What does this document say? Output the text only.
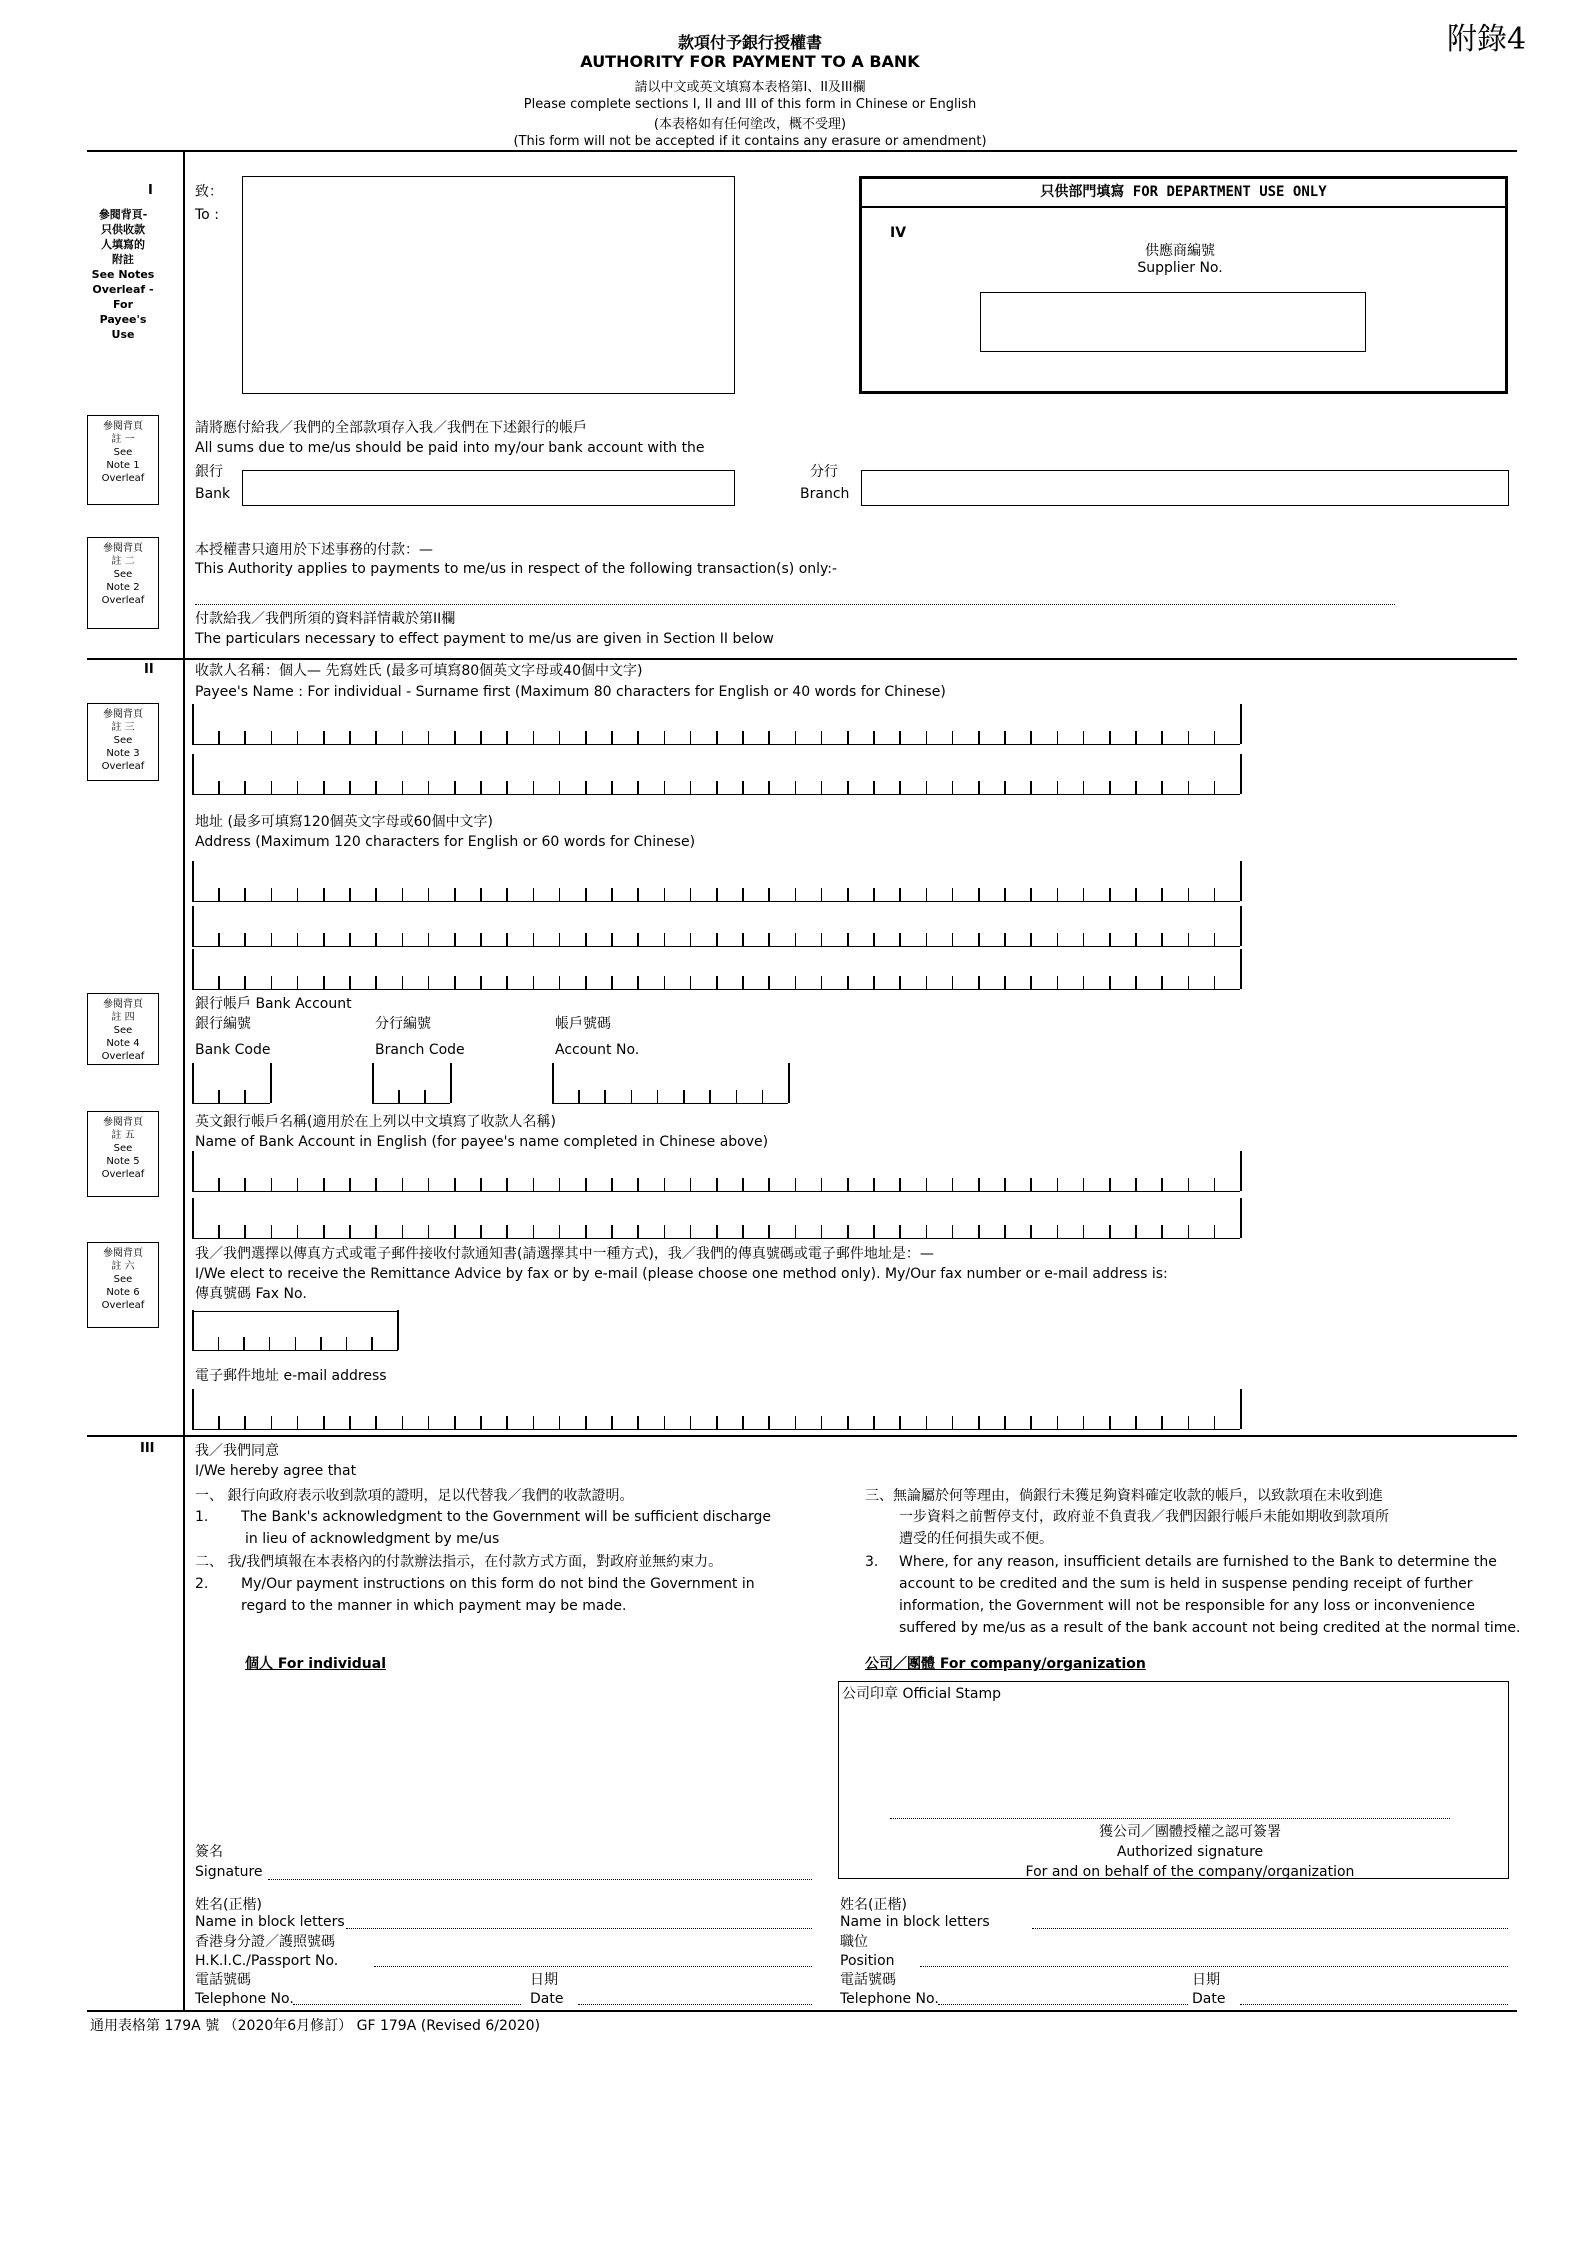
款項付予銀行授權書
AUTHORITY FOR PAYMENT TO A BANK
附錄4
請以中文或英文填寫本表格第I、II及III欄
Please complete sections I, II and III of this form in Chinese or English
(本表格如有任何塗改，概不受理)
(This form will not be accepted if it contains any erasure or amendment)
I
參閱背頁-
只供收款
人填寫的
附註
See Notes
Overleaf -
For
Payee's
Use
致：
To :
只供部門填寫 FOR DEPARTMENT USE ONLY
IV
供應商編號
Supplier No.
參閱背頁
註 一
See
Note 1
Overleaf
參閱背頁
註 二
See
Note 2
Overleaf
參閱背頁
註 三
See
Note 3
Overleaf
參閱背頁
註 四
See
Note 4
Overleaf
參閱背頁
註 五
See
Note 5
Overleaf
參閱背頁
註 六
See
Note 6
Overleaf
請將應付給我／我們的全部款項存入我／我們在下述銀行的帳戶
All sums due to me/us should be paid into my/our bank account with the
銀行
Bank
分行
Branch
本授權書只適用於下述事務的付款：—
This Authority applies to payments to me/us in respect of the following transaction(s) only:-
付款給我／我們所須的資料詳情載於第II欄
The particulars necessary to effect payment to me/us are given in Section II below
II	收款人名稱：個人— 先寫姓氏 (最多可填寫80個英文字母或40個中文字)
Payee's Name : For individual - Surname first (Maximum 80 characters for English or 40 words for Chinese)
地址 (最多可填寫120個英文字母或60個中文字)
Address (Maximum 120 characters for English or 60 words for Chinese)
銀行帳戶 Bank Account
銀行編號
Bank Code
分行編號
Branch Code
帳戶號碼
Account No.
英文銀行帳戶名稱(適用於在上列以中文填寫了收款人名稱)
Name of Bank Account in English (for payee's name completed in Chinese above)
我／我們選擇以傳真方式或電子郵件接收付款通知書(請選擇其中一種方式)，我／我們的傳真號碼或電子郵件地址是：—
I/We elect to receive the Remittance Advice by fax or by e-mail (please choose one method only). My/Our fax number or e-mail address is:
傳真號碼 Fax No.
電子郵件地址 e-mail address
III	我／我們同意
I/We hereby agree that
一、 銀行向政府表示收到款項的證明，足以代替我／我們的收款證明。
1. The Bank's acknowledgment to the Government will be sufficient discharge
in lieu of acknowledgment by me/us
二、 我/我們填報在本表格內的付款辦法指示，在付款方式方面，對政府並無約束力。
2. My/Our payment instructions on this form do not bind the Government in
regard to the manner in which payment may be made.
三、無論屬於何等理由，倘銀行未獲足夠資料確定收款的帳戶，以致款項在未收到進
一步資料之前暫停支付，政府並不負責我／我們因銀行帳戶未能如期收到款項所
遭受的任何損失或不便。
3. Where, for any reason, insufficient details are furnished to the Bank to determine the
account to be credited and the sum is held in suspense pending receipt of further
information, the Government will not be responsible for any loss or inconvenience
suffered by me/us as a result of the bank account not being credited at the normal time.
個人 For individual	公司／團體 For company/organization
公司印章 Official Stamp
獲公司／團體授權之認可簽署
Authorized signature
For and on behalf of the company/organization
簽名
Signature
姓名(正楷)
Name in block letters
香港身分證／護照號碼
H.K.I.C./Passport No.
電話號碼
Telephone No.
日期
Date
姓名(正楷)
Name in block letters
職位
Position
電話號碼
Telephone No.
日期
Date
通用表格第 179A 號 （2020年6月修訂） GF 179A (Revised 6/2020)
